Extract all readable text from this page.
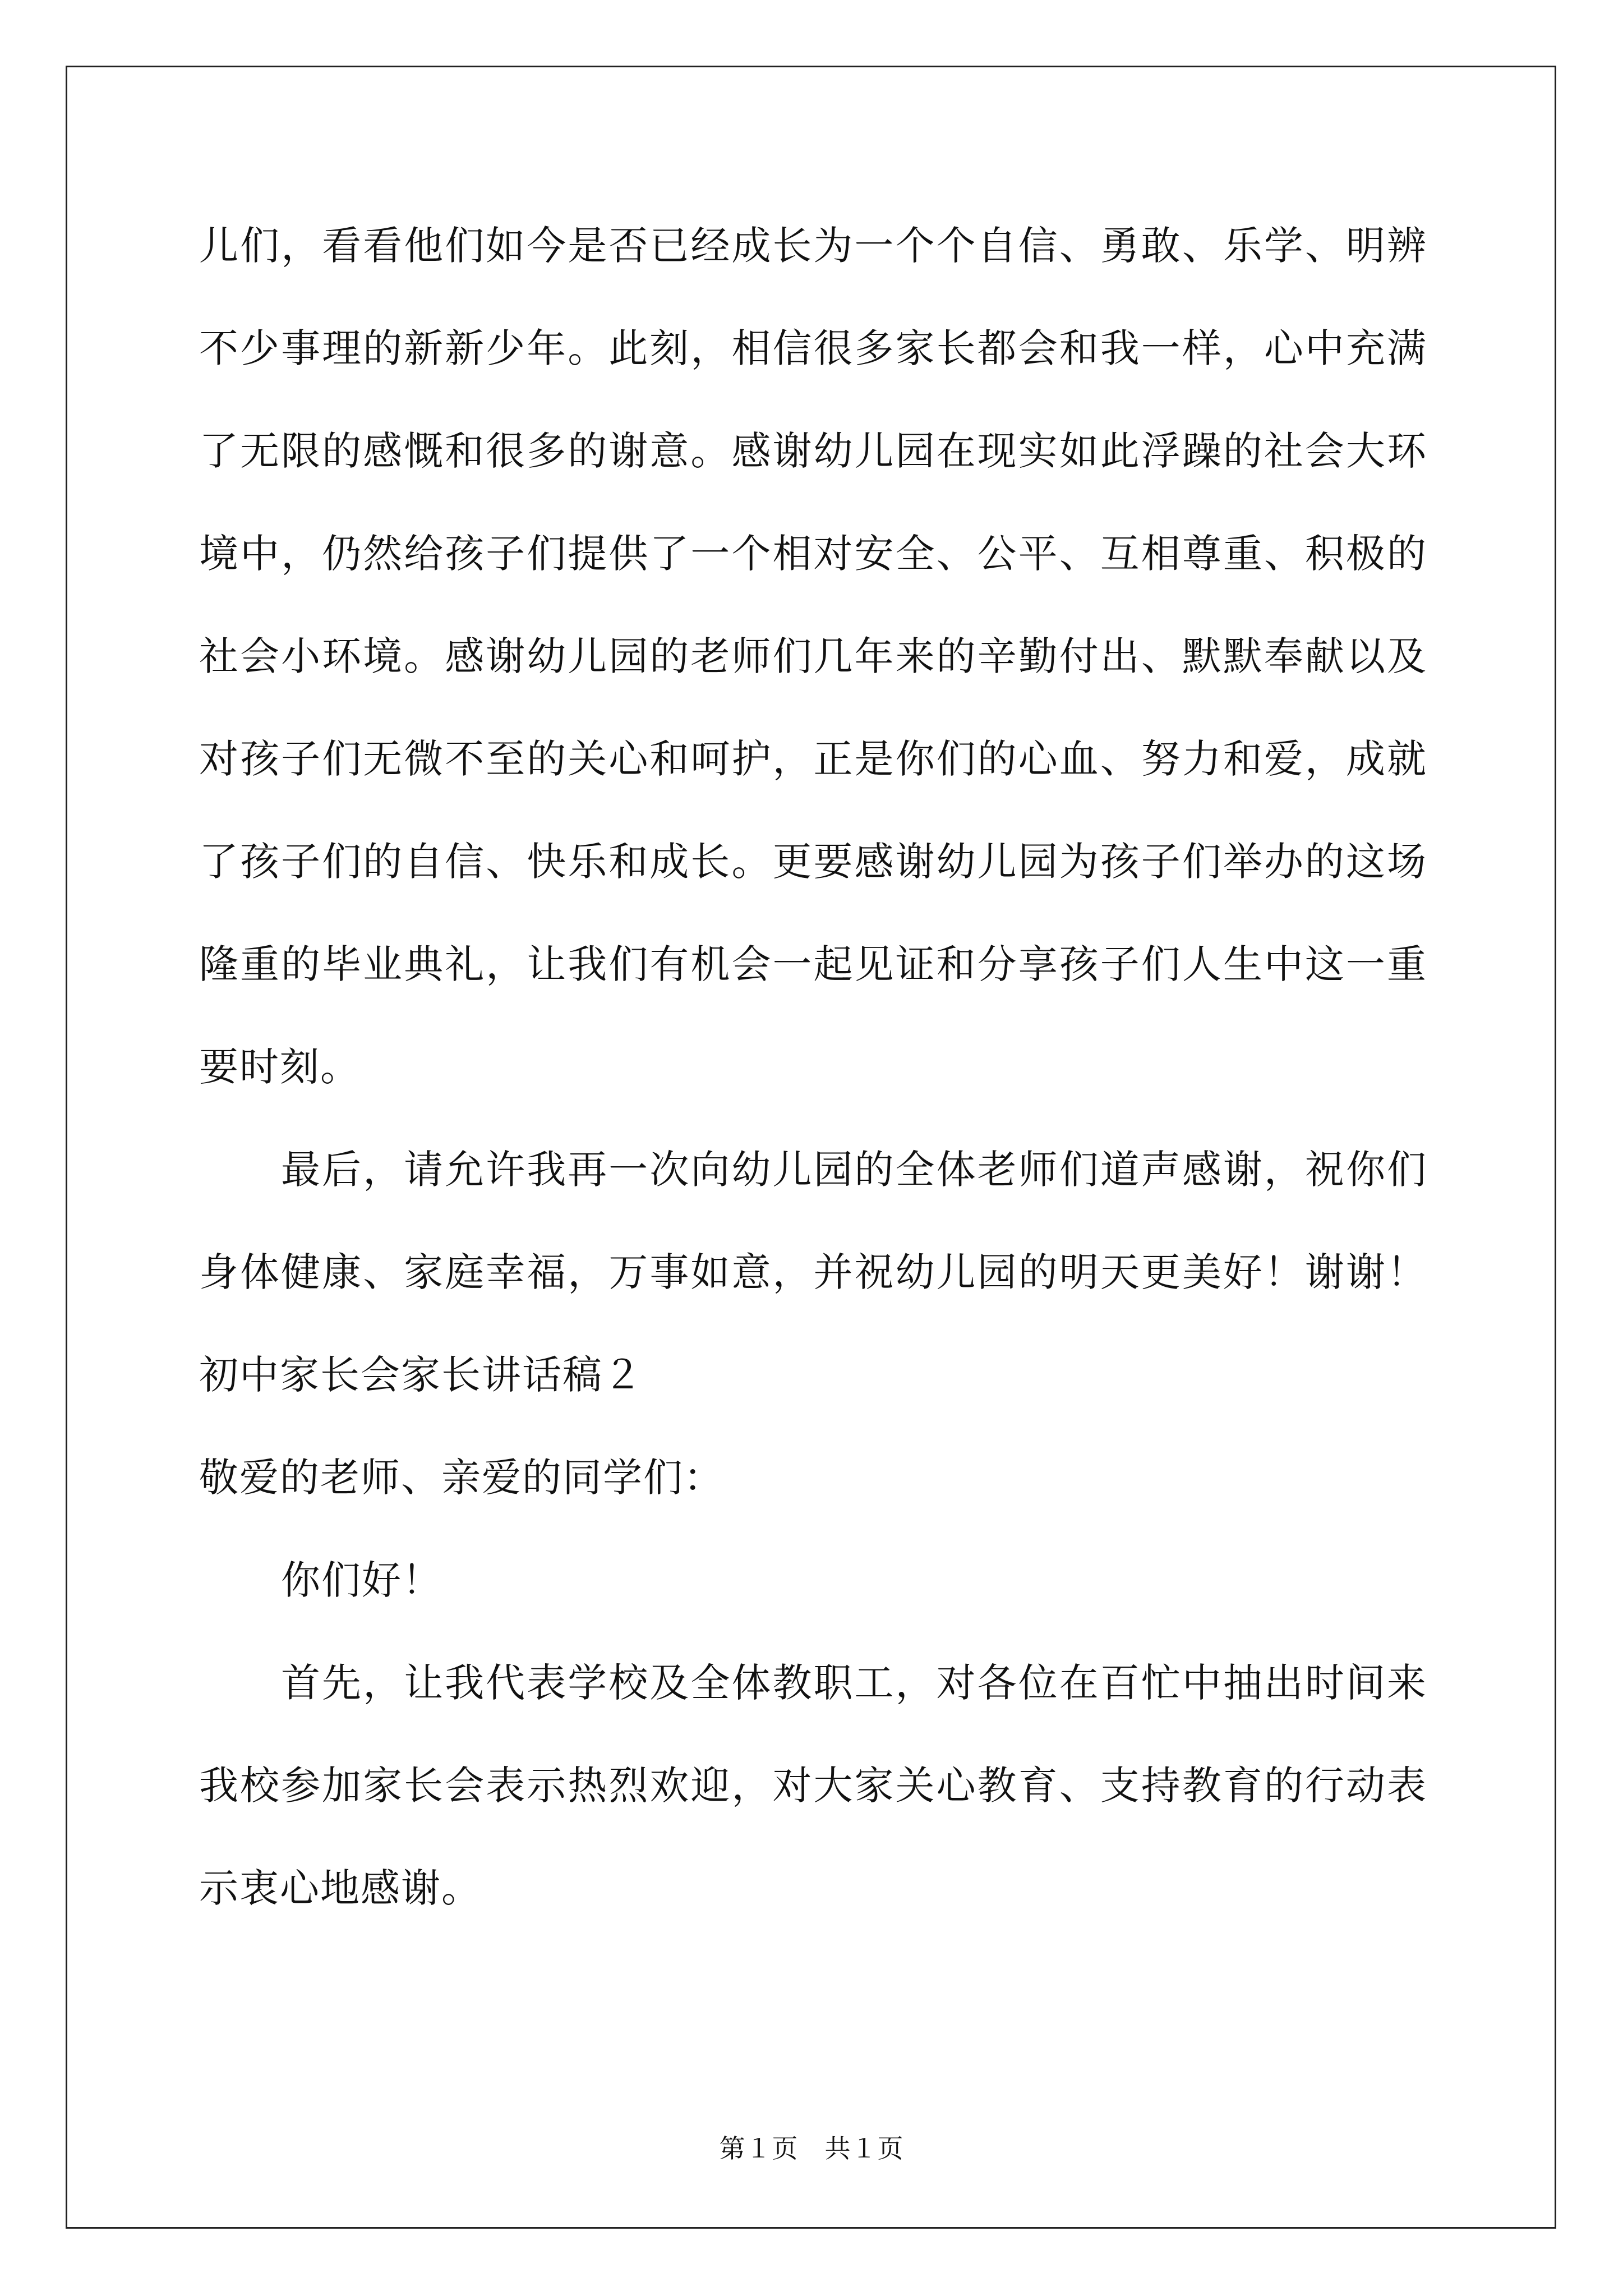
儿们，看看他们如今是否已经成长为一个个自信、勇敢、乐学、明辨
不少事理的新新少年。此刻，相信很多家长都会和我一样，心中充满
了无限的感慨和很多的谢意。感谢幼儿园在现实如此浮躁的社会大环
境中，仍然给孩子们提供了一个相对安全、公平、互相尊重、积极的
社会小环境。感谢幼儿园的老师们几年来的辛勤付出、默默奉献以及
对孩子们无微不至的关心和呵护，正是你们的心血、努力和爱，成就
了孩子们的自信、快乐和成长。更要感谢幼儿园为孩子们举办的这场
隆重的毕业典礼，让我们有机会一起见证和分享孩子们人生中这一重
要时刻。
最后，请允许我再一次向幼儿园的全体老师们道声感谢，祝你们
身体健康、家庭幸福，万事如意，并祝幼儿园的明天更美好！谢谢！
初中家长会家长讲话稿２
敬爱的老师、亲爱的同学们：
你们好！
首先，让我代表学校及全体教职工，对各位在百忙中抽出时间来
我校参加家长会表示热烈欢迎，对大家关心教育、支持教育的行动表
示衷心地感谢。
第１页　共１页
